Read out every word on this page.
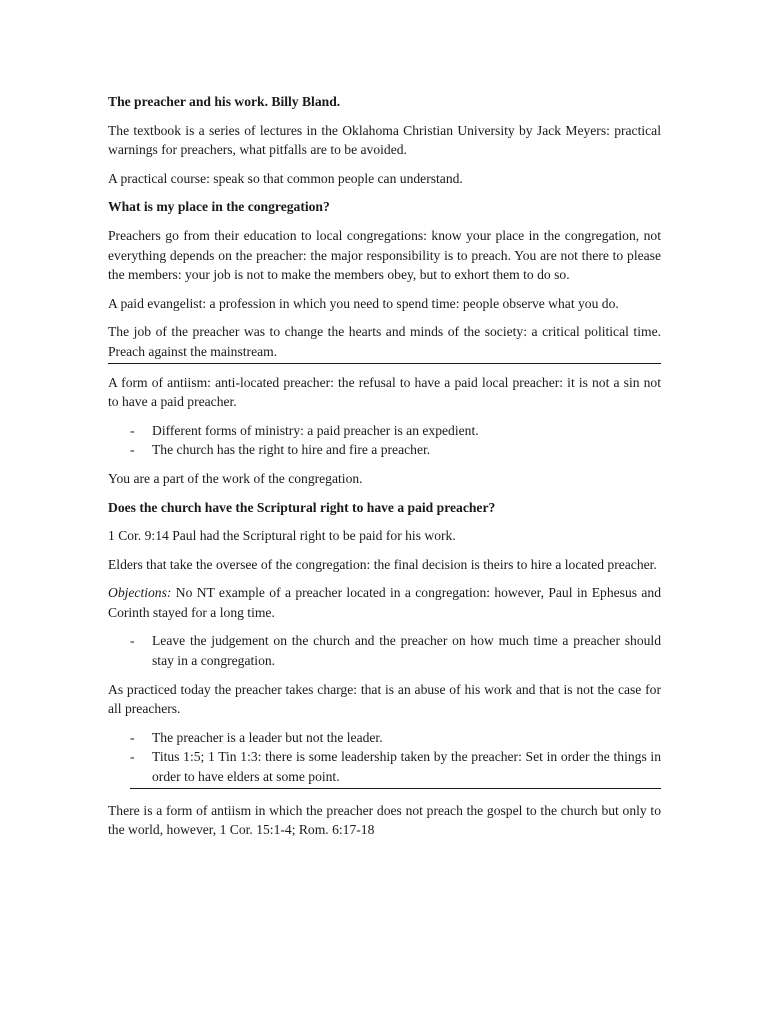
The preacher and his work. Billy Bland.

The textbook is a series of lectures in the Oklahoma Christian University by Jack Meyers: practical warnings for preachers, what pitfalls are to be avoided.

A practical course: speak so that common people can understand.

What is my place in the congregation?

Preachers go from their education to local congregations: know your place in the congregation, not everything depends on the preacher: the major responsibility is to preach. You are not there to please the members: your job is not to make the members obey, but to exhort them to do so.

A paid evangelist: a profession in which you need to spend time: people observe what you do.

The job of the preacher was to change the hearts and minds of the society: a critical political time. Preach against the mainstream.

A form of antiism: anti-located preacher: the refusal to have a paid local preacher: it is not a sin not to have a paid preacher.

- Different forms of ministry: a paid preacher is an expedient.
- The church has the right to hire and fire a preacher.

You are a part of the work of the congregation.

Does the church have the Scriptural right to have a paid preacher?

1 Cor. 9:14 Paul had the Scriptural right to be paid for his work.

Elders that take the oversee of the congregation: the final decision is theirs to hire a located preacher.

Objections: No NT example of a preacher located in a congregation: however, Paul in Ephesus and Corinth stayed for a long time.

- Leave the judgement on the church and the preacher on how much time a preacher should stay in a congregation.

As practiced today the preacher takes charge: that is an abuse of his work and that is not the case for all preachers.

- The preacher is a leader but not the leader.
- Titus 1:5; 1 Tin 1:3: there is some leadership taken by the preacher: Set in order the things in order to have elders at some point.

There is a form of antiism in which the preacher does not preach the gospel to the church but only to the world, however, 1 Cor. 15:1-4; Rom. 6:17-18
